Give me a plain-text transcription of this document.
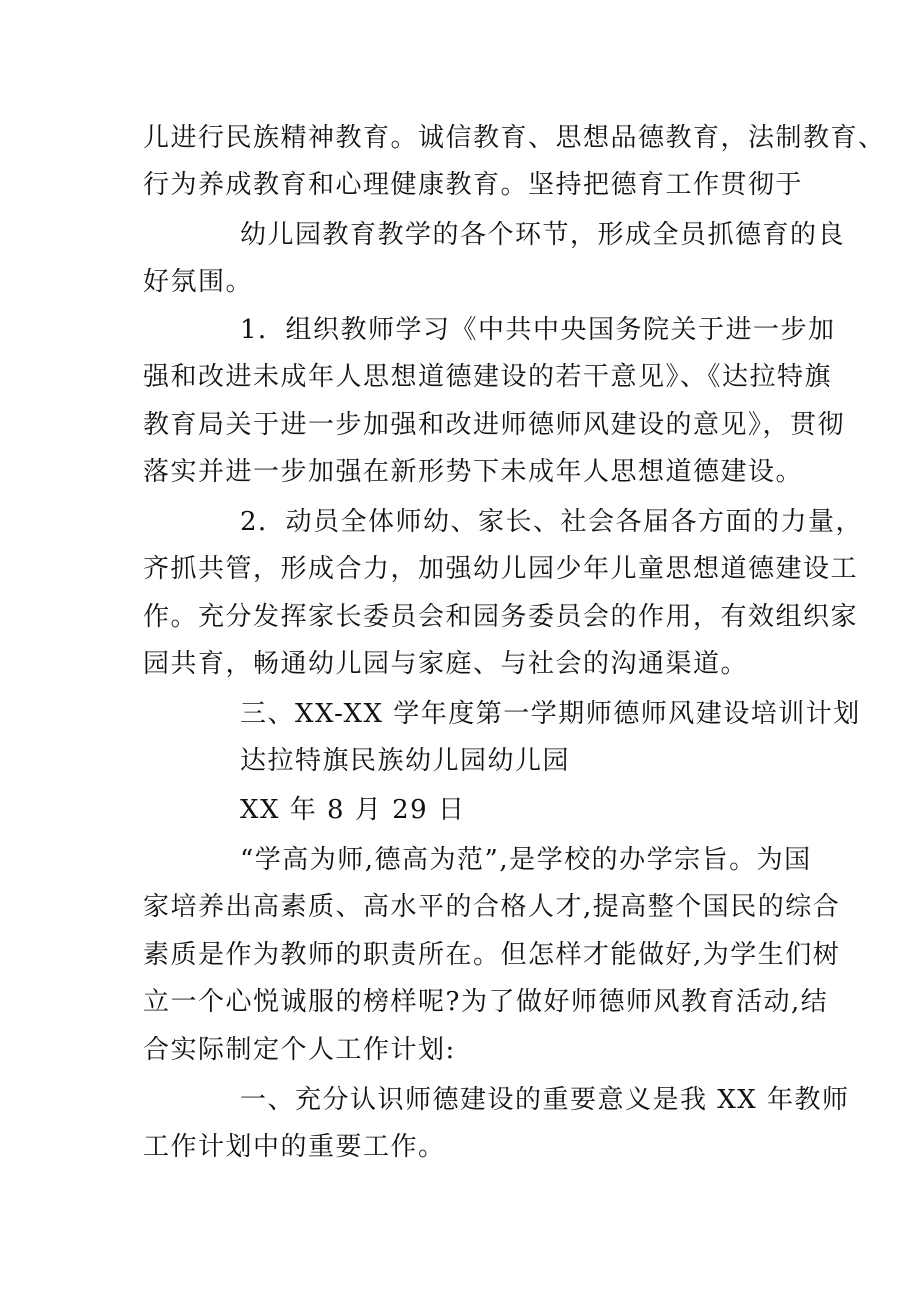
儿进行民族精神教育。诚信教育、思想品德教育，法制教育、
行为养成教育和心理健康教育。坚持把德育工作贯彻于
幼儿园教育教学的各个环节，形成全员抓德育的良
好氛围。
1．组织教师学习《中共中央国务院关于进一步加
强和改进未成年人思想道德建设的若干意见》、《达拉特旗
教育局关于进一步加强和改进师德师风建设的意见》，贯彻
落实并进一步加强在新形势下未成年人思想道德建设。
2．动员全体师幼、家长、社会各届各方面的力量，
齐抓共管，形成合力，加强幼儿园少年儿童思想道德建设工
作。充分发挥家长委员会和园务委员会的作用，有效组织家
园共育，畅通幼儿园与家庭、与社会的沟通渠道。
三、XX-XX 学年度第一学期师德师风建设培训计划
达拉特旗民族幼儿园幼儿园
XX 年 8 月 29 日
“学高为师,德高为范”,是学校的办学宗旨。为国
家培养出高素质、高水平的合格人才,提高整个国民的综合
素质是作为教师的职责所在。但怎样才能做好,为学生们树
立一个心悦诚服的榜样呢?为了做好师德师风教育活动,结
合实际制定个人工作计划:
一、充分认识师德建设的重要意义是我 XX 年教师
工作计划中的重要工作。
